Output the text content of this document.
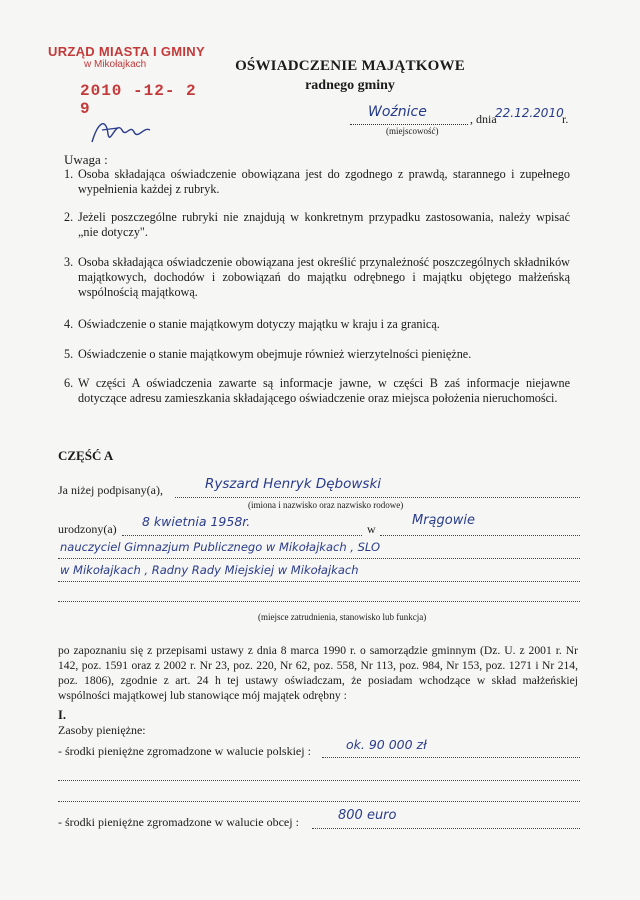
URZĄD MIASTA I GMINY
w Mikołajkach
2010 -12- 2 9
OŚWIADCZENIE MAJĄTKOWE
radnego gminy
Woźnice	, dnia
22.12.2010
r.
(miejscowość)
Uwaga :
1. Osoba składająca oświadczenie obowiązana jest do zgodnego z prawdą, starannego i zupełnego wypełnienia każdej z rubryk.
2. Jeżeli poszczególne rubryki nie znajdują w konkretnym przypadku zastosowania, należy wpisać „nie dotyczy".
3. Osoba składająca oświadczenie obowiązana jest określić przynależność poszczególnych składników majątkowych, dochodów i zobowiązań do majątku odrębnego i majątku objętego małżeńską wspólnością majątkową.
4. Oświadczenie o stanie majątkowym dotyczy majątku w kraju i za granicą.
5. Oświadczenie o stanie majątkowym obejmuje również wierzytelności pieniężne.
6. W części A oświadczenia zawarte są informacje jawne, w części B zaś informacje niejawne dotyczące adresu zamieszkania składającego oświadczenie oraz miejsca położenia nieruchomości.
CZĘŚĆ A
Ja niżej podpisany(a),	Ryszard Henryk Dębowski
(imiona i nazwisko oraz nazwisko rodowe)
urodzony(a) 8 kwietnia 1958r.	w
Mrągowie
nauczyciel Gimnazjum Publicznego w Mikołajkach , SLO
w Mikołajkach , Radny Rady Miejskiej w Mikołajkach
(miejsce zatrudnienia, stanowisko lub funkcja)
po zapoznaniu się z przepisami ustawy z dnia 8 marca 1990 r. o samorządzie gminnym (Dz. U. z 2001 r. Nr 142, poz. 1591 oraz z 2002 r. Nr 23, poz. 220, Nr 62, poz. 558, Nr 113, poz. 984, Nr 153, poz. 1271 i Nr 214, poz. 1806), zgodnie z art. 24 h tej ustawy oświadczam, że posiadam wchodzące w skład małżeńskiej wspólności majątkowej lub stanowiące mój majątek odrębny :
I.
Zasoby pieniężne:
- środki pieniężne zgromadzone w walucie polskiej :	ok. 90 000 zł
- środki pieniężne zgromadzone w walucie obcej :	800 euro
